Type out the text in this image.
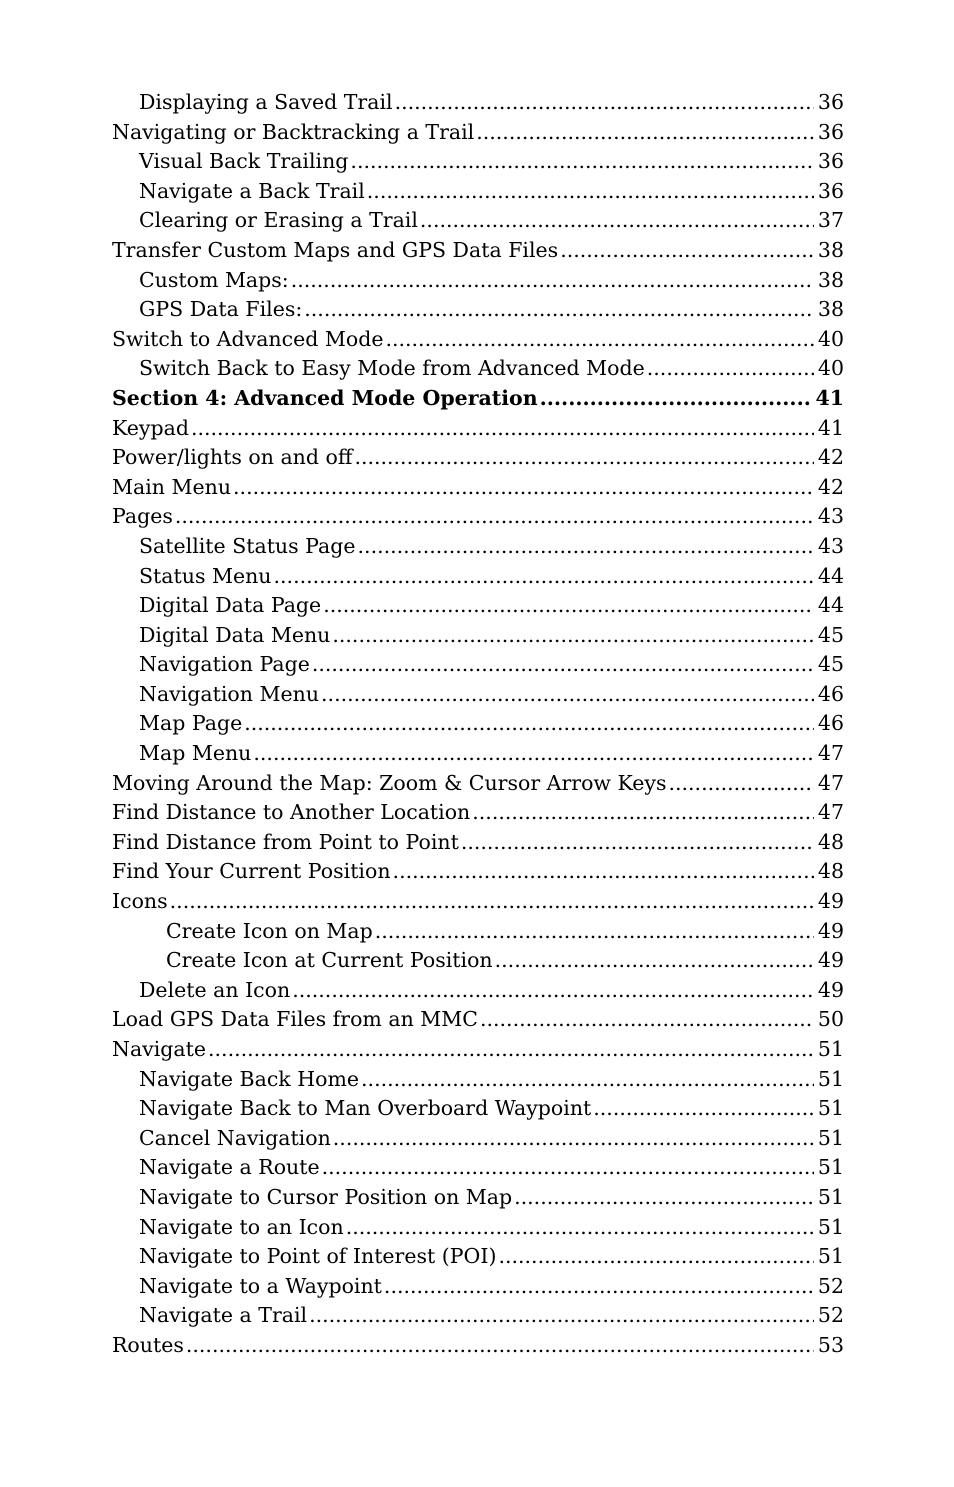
Displaying a Saved Trail .....	36
Navigating or Backtracking a Trail .....	36
Visual Back Trailing .....	36
Navigate a Back Trail .....	36
Clearing or Erasing a Trail .....	37
Transfer Custom Maps and GPS Data Files .....	38
Custom Maps: .....	38
GPS Data Files: .....	38
Switch to Advanced Mode .....	40
Switch Back to Easy Mode from Advanced Mode .....	40
Section 4: Advanced Mode Operation .....	41
Keypad .....	41
Power/lights on and off .....	42
Main Menu .....	42
Pages .....	43
Satellite Status Page .....	43
Status Menu .....	44
Digital Data Page .....	44
Digital Data Menu .....	45
Navigation Page .....	45
Navigation Menu .....	46
Map Page .....	46
Map Menu .....	47
Moving Around the Map: Zoom & Cursor Arrow Keys .....	47
Find Distance to Another Location .....	47
Find Distance from Point to Point .....	48
Find Your Current Position .....	48
Icons .....	49
Create Icon on Map .....	49
Create Icon at Current Position .....	49
Delete an Icon .....	49
Load GPS Data Files from an MMC .....	50
Navigate .....	51
Navigate Back Home .....	51
Navigate Back to Man Overboard Waypoint .....	51
Cancel Navigation .....	51
Navigate a Route .....	51
Navigate to Cursor Position on Map .....	51
Navigate to an Icon .....	51
Navigate to Point of Interest (POI) .....	51
Navigate to a Waypoint .....	52
Navigate a Trail .....	52
Routes .....	53
